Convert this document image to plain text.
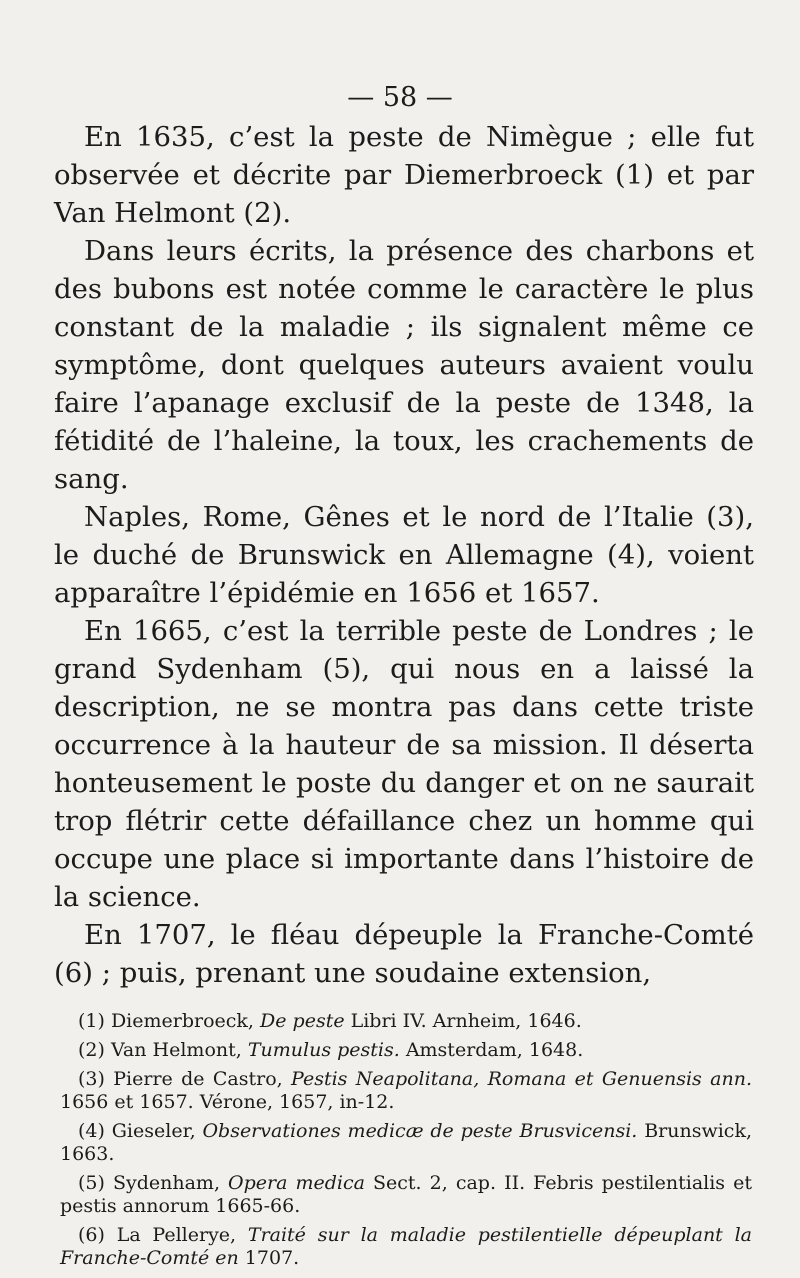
— 58 —

En 1635, c’est la peste de Nimègue ; elle fut observée et décrite par Diemerbroeck (1) et par Van Helmont (2).

Dans leurs écrits, la présence des charbons et des bubons est notée comme le caractère le plus constant de la maladie ; ils signalent même ce symptôme, dont quelques auteurs avaient voulu faire l’apanage exclusif de la peste de 1348, la fétidité de l’haleine, la toux, les crachements de sang.

Naples, Rome, Gênes et le nord de l’Italie (3), le duché de Brunswick en Allemagne (4), voient apparaître l’épidémie en 1656 et 1657.

En 1665, c’est la terrible peste de Londres ; le grand Sydenham (5), qui nous en a laissé la description, ne se montra pas dans cette triste occurrence à la hauteur de sa mission. Il déserta honteusement le poste du danger et on ne saurait trop flétrir cette défaillance chez un homme qui occupe une place si importante dans l’histoire de la science.

En 1707, le fléau dépeuple la Franche-Comté (6) ; puis, prenant une soudaine extension,

(1) Diemerbroeck, De peste Libri IV. Arnheim, 1646.

(2) Van Helmont, Tumulus pestis. Amsterdam, 1648.

(3) Pierre de Castro, Pestis Neapolitana, Romana et Genuensis ann. 1656 et 1657. Vérone, 1657, in-12.

(4) Gieseler, Observationes medicæ de peste Brusvicensi. Brunswick, 1663.

(5) Sydenham, Opera medica Sect. 2, cap. II. Febris pestilentialis et pestis annorum 1665-66.

(6) La Pellerye, Traité sur la maladie pestilentielle dépeuplant la Franche-Comté en 1707.
